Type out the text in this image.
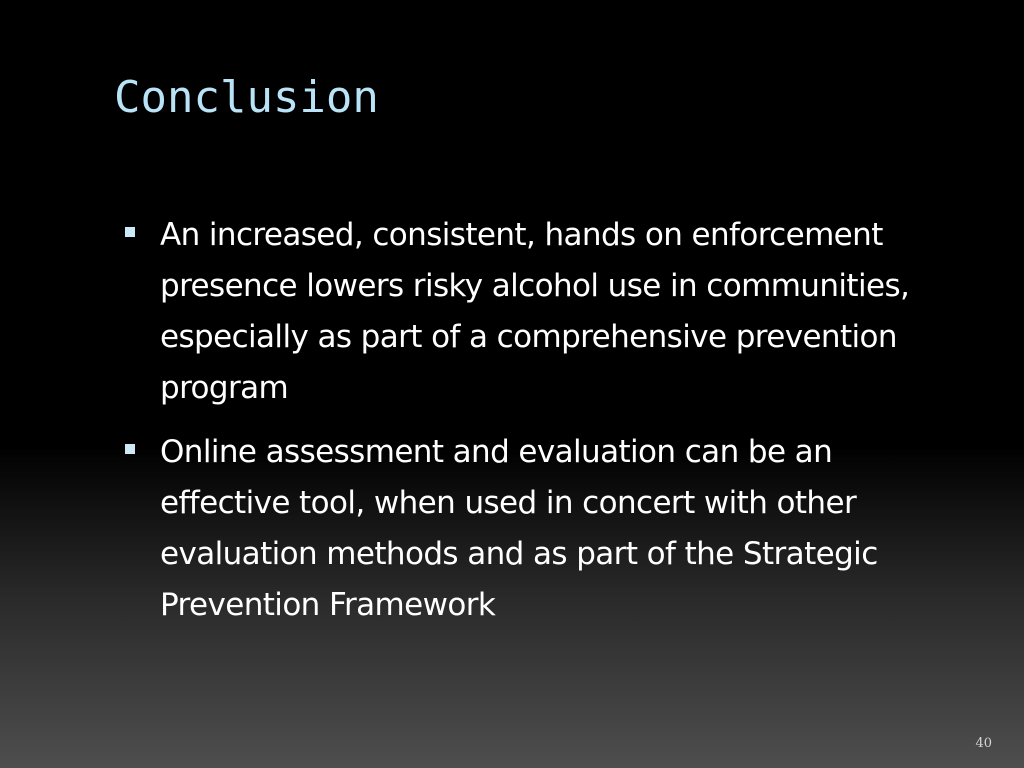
Conclusion
An increased, consistent, hands on enforcement presence lowers risky alcohol use in communities, especially as part of a comprehensive prevention program
Online assessment and evaluation can be an effective tool, when used in concert with other evaluation methods and as part of the Strategic Prevention Framework
40
